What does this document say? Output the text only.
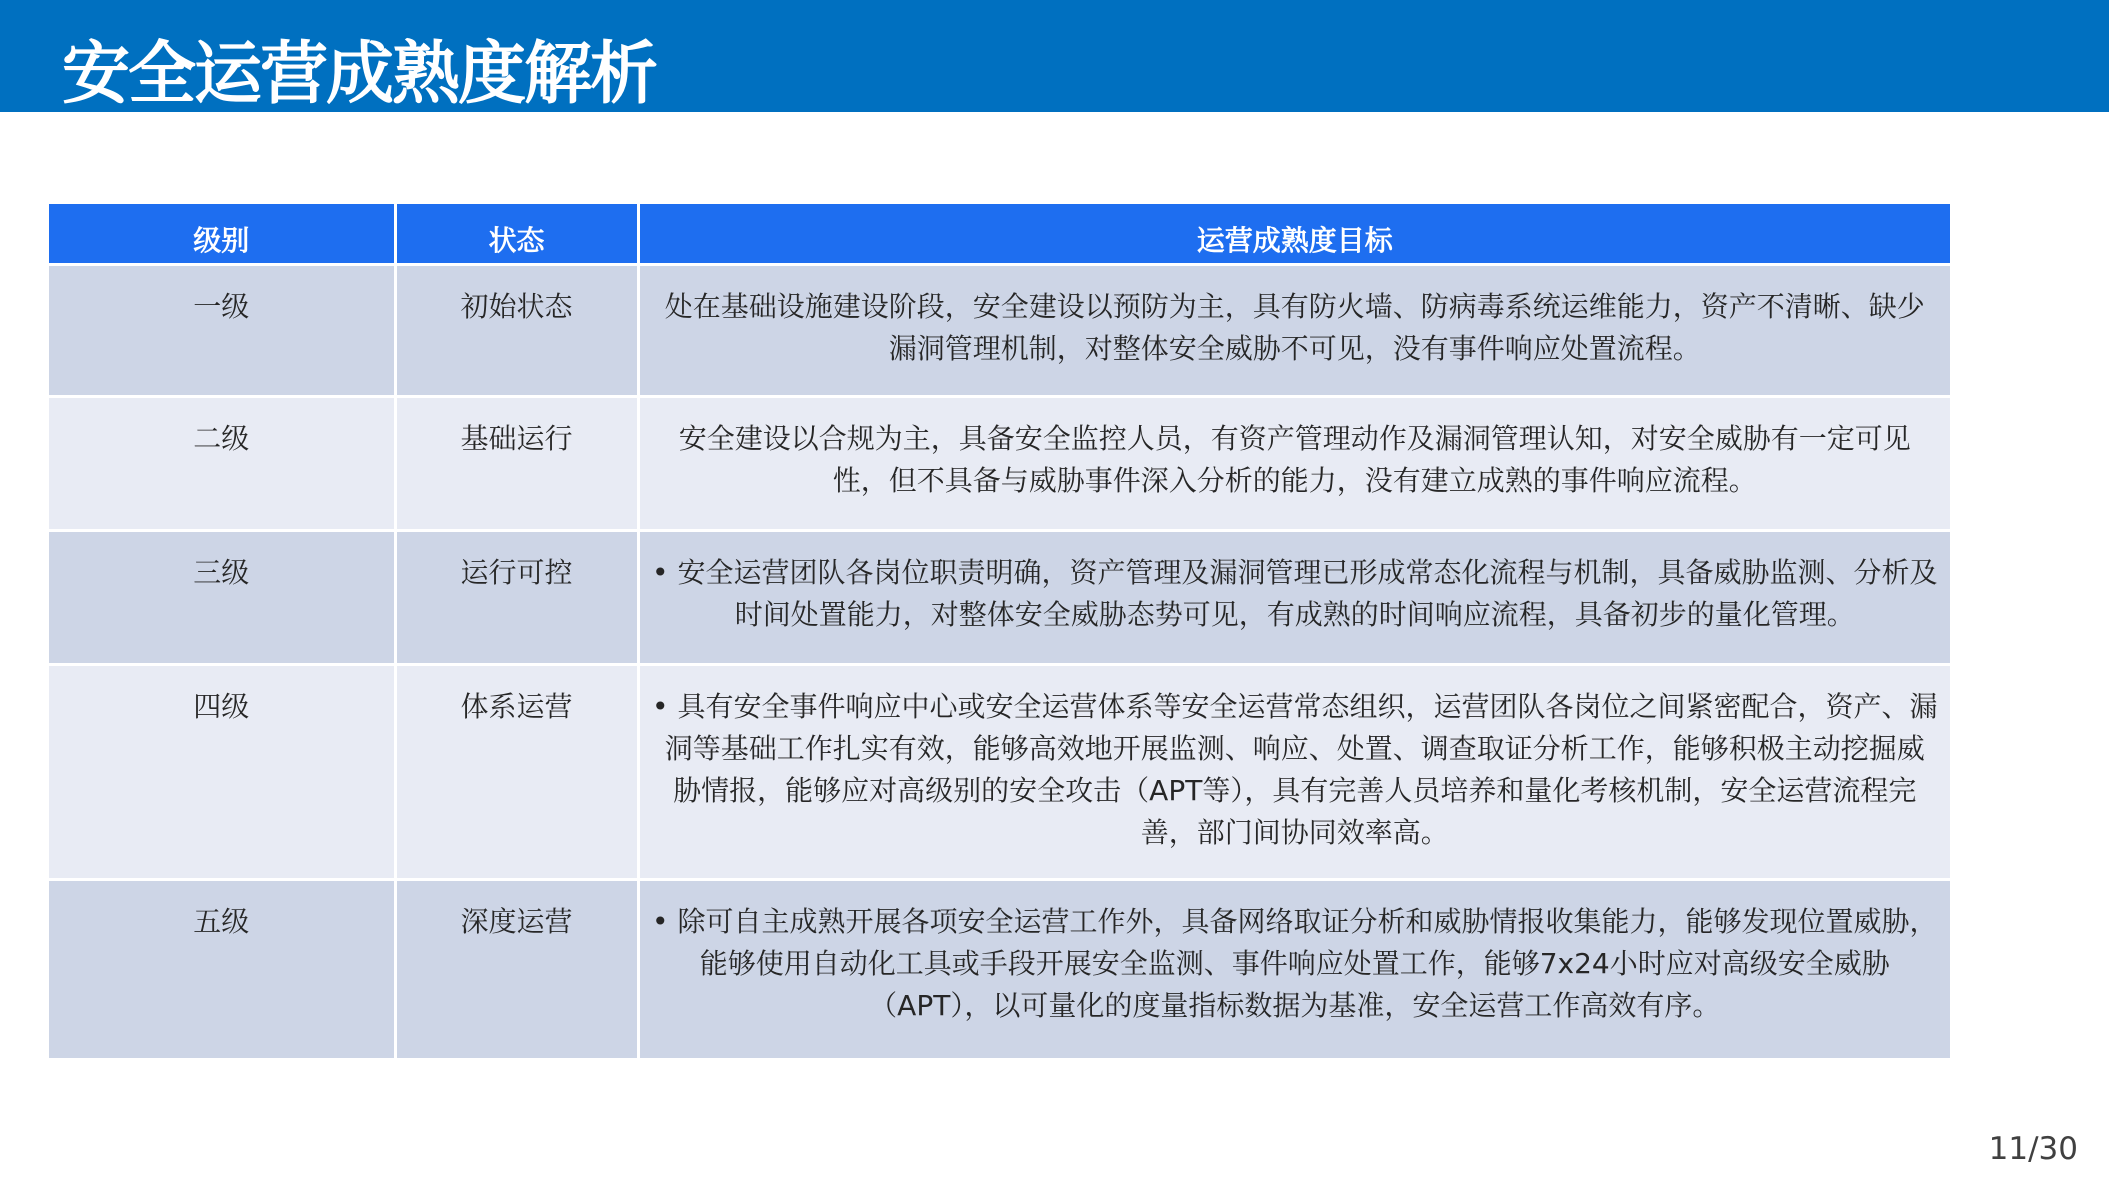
安全运营成熟度解析
级别	状态	运营成熟度目标
一级	初始状态	处在基础设施建设阶段，安全建设以预防为主，具有防火墙、防病毒系统运维能力，资产不清晰、缺少漏洞管理机制，对整体安全威胁不可见，没有事件响应处置流程。
二级	基础运行	安全建设以合规为主，具备安全监控人员，有资产管理动作及漏洞管理认知，对安全威胁有一定可见性，但不具备与威胁事件深入分析的能力，没有建立成熟的事件响应流程。
三级	运行可控	• 安全运营团队各岗位职责明确，资产管理及漏洞管理已形成常态化流程与机制，具备威胁监测、分析及时间处置能力，对整体安全威胁态势可见，有成熟的时间响应流程，具备初步的量化管理。
四级	体系运营	• 具有安全事件响应中心或安全运营体系等安全运营常态组织，运营团队各岗位之间紧密配合，资产、漏洞等基础工作扎实有效，能够高效地开展监测、响应、处置、调查取证分析工作，能够积极主动挖掘威胁情报，能够应对高级别的安全攻击（APT等），具有完善人员培养和量化考核机制，安全运营流程完善，部门间协同效率高。
五级	深度运营	• 除可自主成熟开展各项安全运营工作外，具备网络取证分析和威胁情报收集能力，能够发现位置威胁，能够使用自动化工具或手段开展安全监测、事件响应处置工作，能够7x24小时应对高级安全威胁（APT），以可量化的度量指标数据为基准，安全运营工作高效有序。
11/30
